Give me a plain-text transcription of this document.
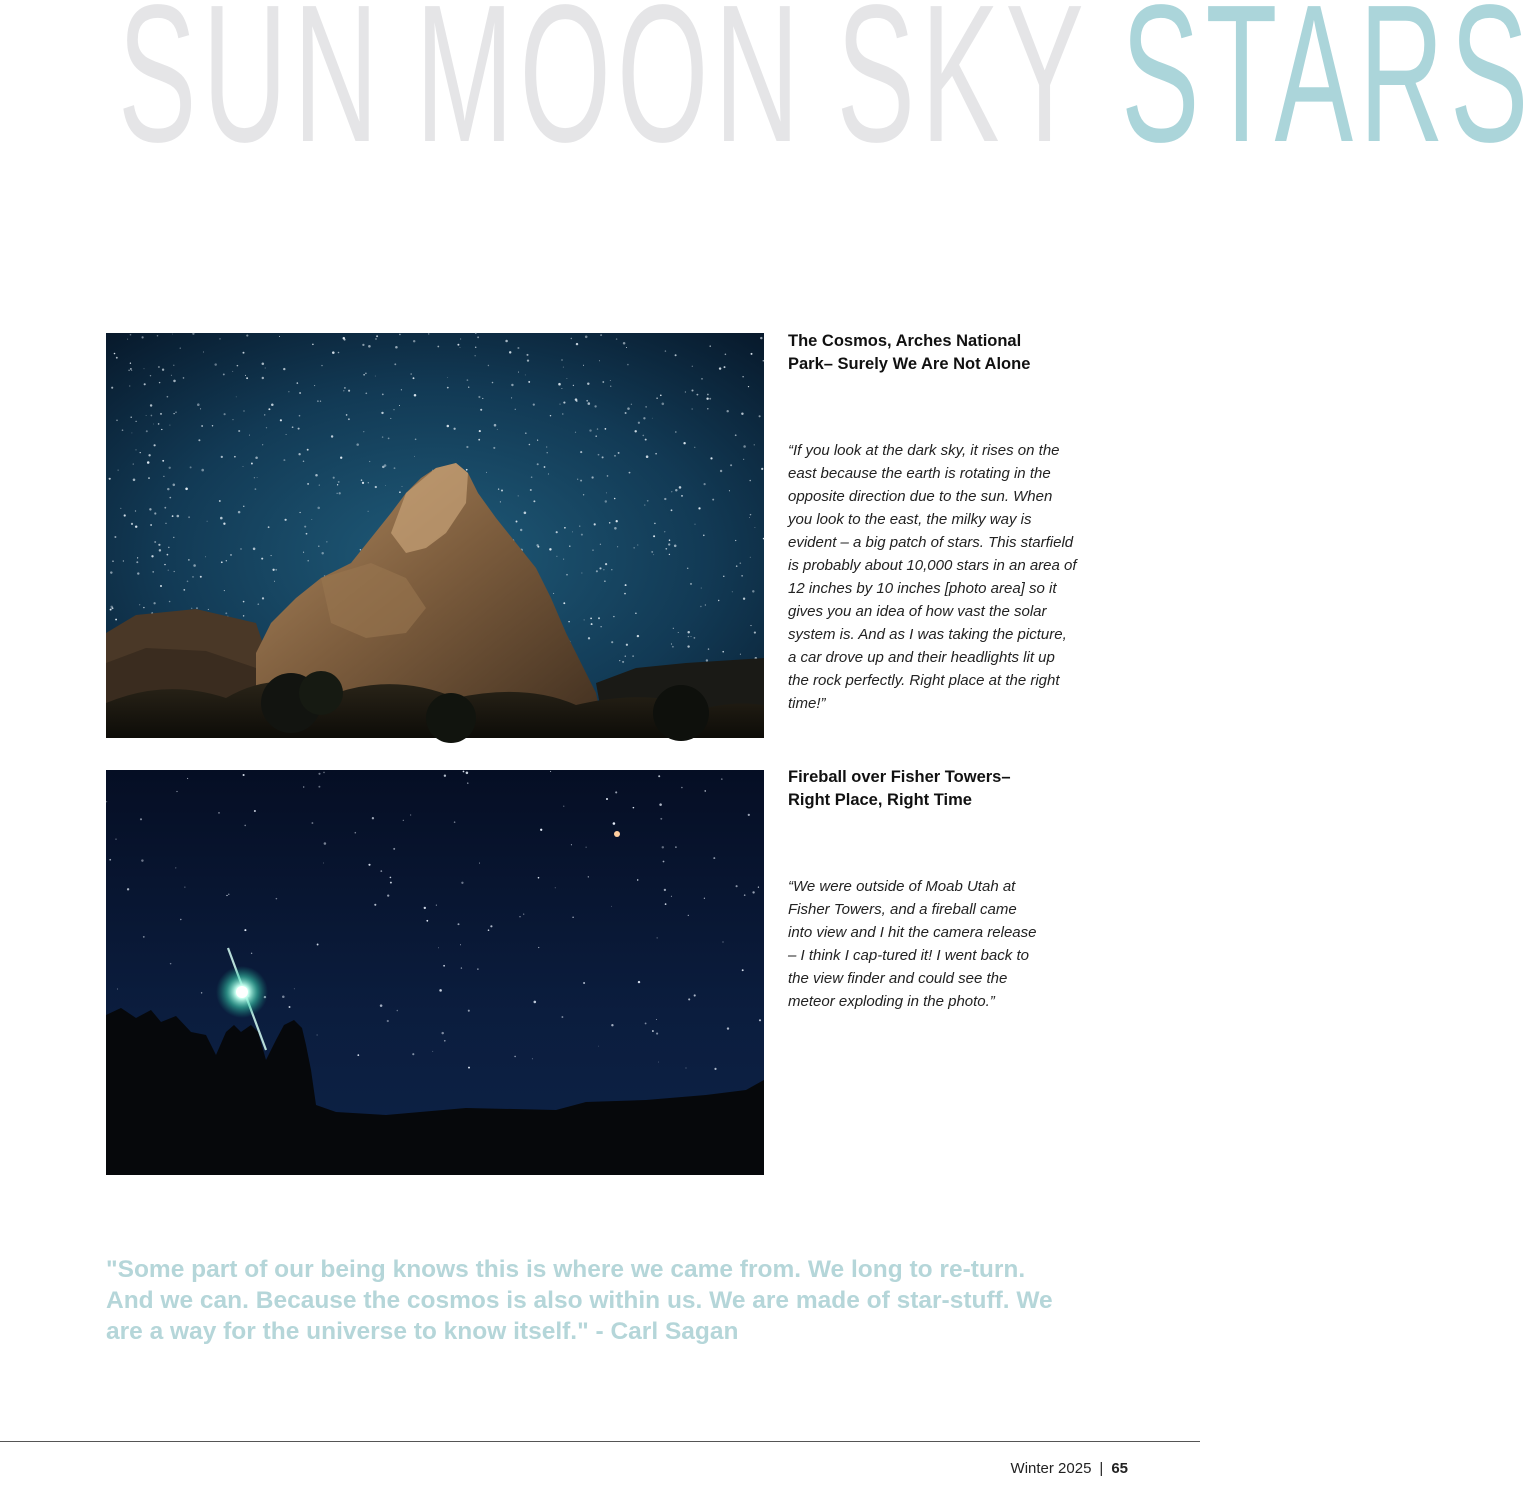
SUN MOON SKY STARS

The Cosmos, Arches National Park– Surely We Are Not Alone

“If you look at the dark sky, it rises on the east because the earth is rotating in the opposite direction due to the sun. When you look to the east, the milky way is evident – a big patch of stars. This starfield is probably about 10,000 stars in an area of 12 inches by 10 inches [photo area] so it gives you an idea of how vast the solar system is. And as I was taking the picture, a car drove up and their headlights lit up the rock perfectly. Right place at the right time!”

Fireball over Fisher Towers– Right Place, Right Time

“We were outside of Moab Utah at Fisher Towers, and a fireball came into view and I hit the camera release – I think I cap-tured it! I went back to the view finder and could see the meteor exploding in the photo.”

"Some part of our being knows this is where we came from. We long to re-turn. And we can. Because the cosmos is also within us. We are made of star-stuff. We are a way for the universe to know itself." - Carl Sagan

Winter 2025 | 65
